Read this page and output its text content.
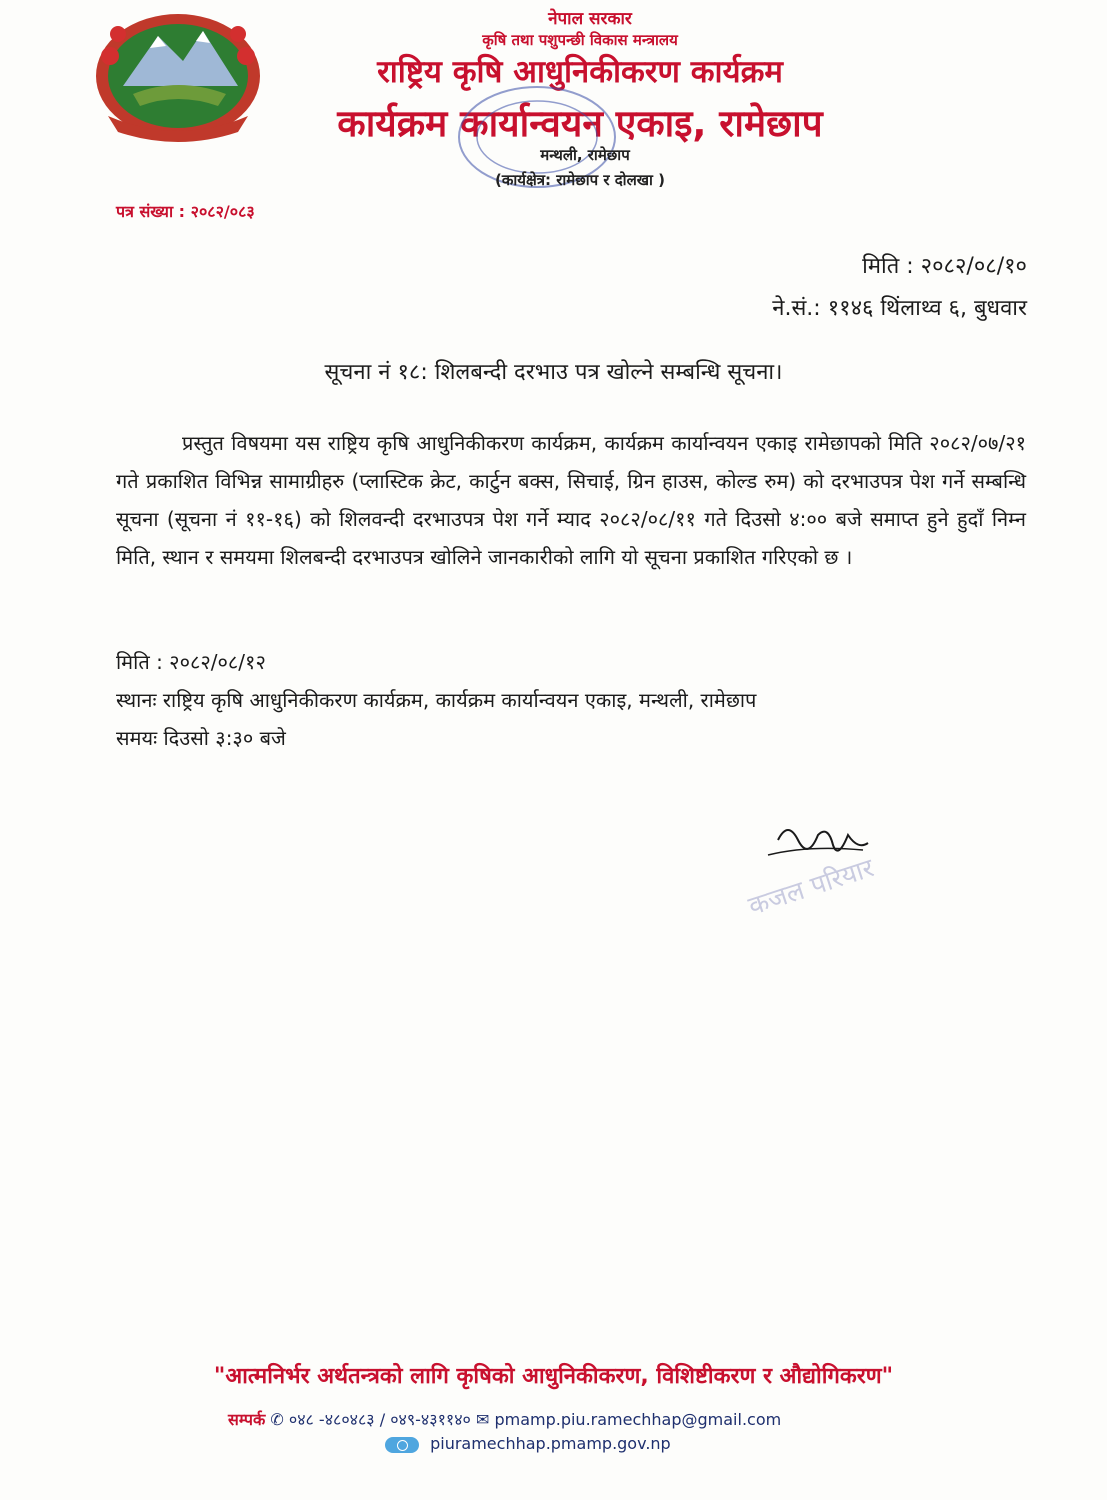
नेपाल सरकार
कृषि तथा पशुपन्छी विकास मन्त्रालय
राष्ट्रिय कृषि आधुनिकीकरण कार्यक्रम
कार्यक्रम कार्यान्वयन एकाइ, रामेछाप
मन्थली, रामेछाप
(कार्यक्षेत्र: रामेछाप र दोलखा )
पत्र संख्या : २०८२/०८३
मिति : २०८२/०८/१०
ने.सं.: ११४६ थिंलाथ्व ६, बुधवार
सूचना नं १८: शिलबन्दी दरभाउ पत्र खोल्ने सम्बन्धि सूचना।

प्रस्तुत विषयमा यस राष्ट्रिय कृषि आधुनिकीकरण कार्यक्रम, कार्यक्रम कार्यान्वयन एकाइ रामेछापको मिति २०८२/०७/२१ गते प्रकाशित विभिन्न सामाग्रीहरु (प्लास्टिक क्रेट, कार्टुन बक्स, सिचाई, ग्रिन हाउस, कोल्ड रुम) को दरभाउपत्र पेश गर्ने सम्बन्धि सूचना (सूचना नं ११-१६) को शिलवन्दी दरभाउपत्र पेश गर्ने म्याद २०८२/०८/११ गते दिउसो ४:०० बजे समाप्त हुने हुदाँ निम्न मिति, स्थान र समयमा शिलबन्दी दरभाउपत्र खोलिने जानकारीको लागि यो सूचना प्रकाशित गरिएको छ ।

मिति : २०८२/०८/१२
स्थानः राष्ट्रिय कृषि आधुनिकीकरण कार्यक्रम, कार्यक्रम कार्यान्वयन एकाइ, मन्थली, रामेछाप
समयः दिउसो ३:३० बजे
कजल परियार
"आत्मनिर्भर अर्थतन्त्रको लागि कृषिको आधुनिकीकरण, विशिष्टीकरण र औद्योगिकरण"
सम्पर्क ✆ ०४८ -४८०४८३ / ०४९-४३११४० ✉ pmamp.piu.ramechhap@gmail.com
piuramechhap.pmamp.gov.np
